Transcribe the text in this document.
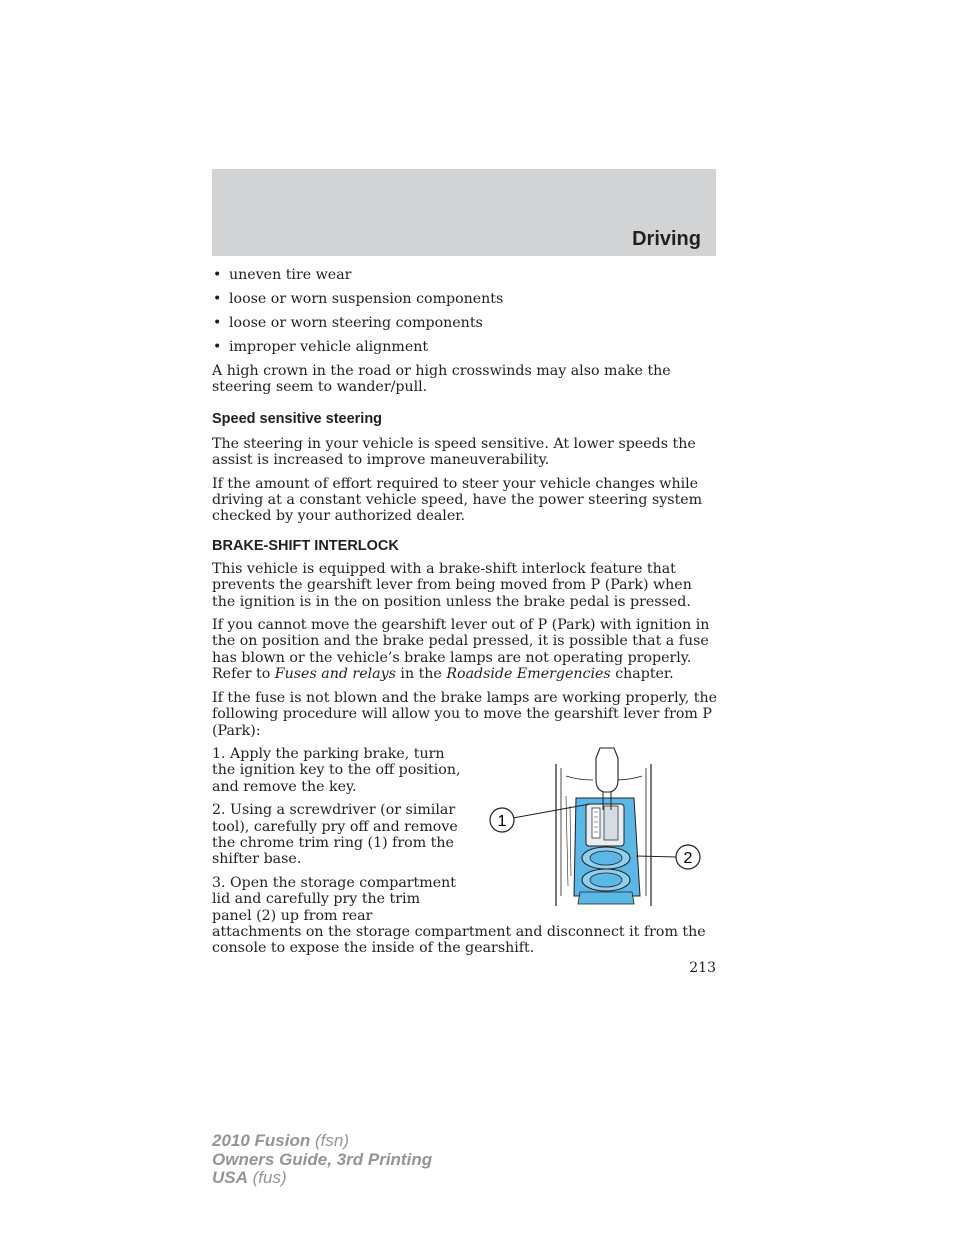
Driving
• uneven tire wear
• loose or worn suspension components
• loose or worn steering components
• improper vehicle alignment

A high crown in the road or high crosswinds may also make the steering seem to wander/pull.

Speed sensitive steering

The steering in your vehicle is speed sensitive. At lower speeds the assist is increased to improve maneuverability.

If the amount of effort required to steer your vehicle changes while driving at a constant vehicle speed, have the power steering system checked by your authorized dealer.

BRAKE-SHIFT INTERLOCK

This vehicle is equipped with a brake-shift interlock feature that prevents the gearshift lever from being moved from P (Park) when the ignition is in the on position unless the brake pedal is pressed.

If you cannot move the gearshift lever out of P (Park) with ignition in the on position and the brake pedal pressed, it is possible that a fuse has blown or the vehicle’s brake lamps are not operating properly. Refer to Fuses and relays in the Roadside Emergencies chapter.

If the fuse is not blown and the brake lamps are working properly, the following procedure will allow you to move the gearshift lever from P (Park):

1
2

1. Apply the parking brake, turn the ignition key to the off position, and remove the key.

2. Using a screwdriver (or similar tool), carefully pry off and remove the chrome trim ring (1) from the shifter base.

3. Open the storage compartment lid and carefully pry the trim panel (2) up from rear attachments on the storage compartment and disconnect it from the console to expose the inside of the gearshift.

213
2010 Fusion (fsn)
Owners Guide, 3rd Printing
USA (fus)
